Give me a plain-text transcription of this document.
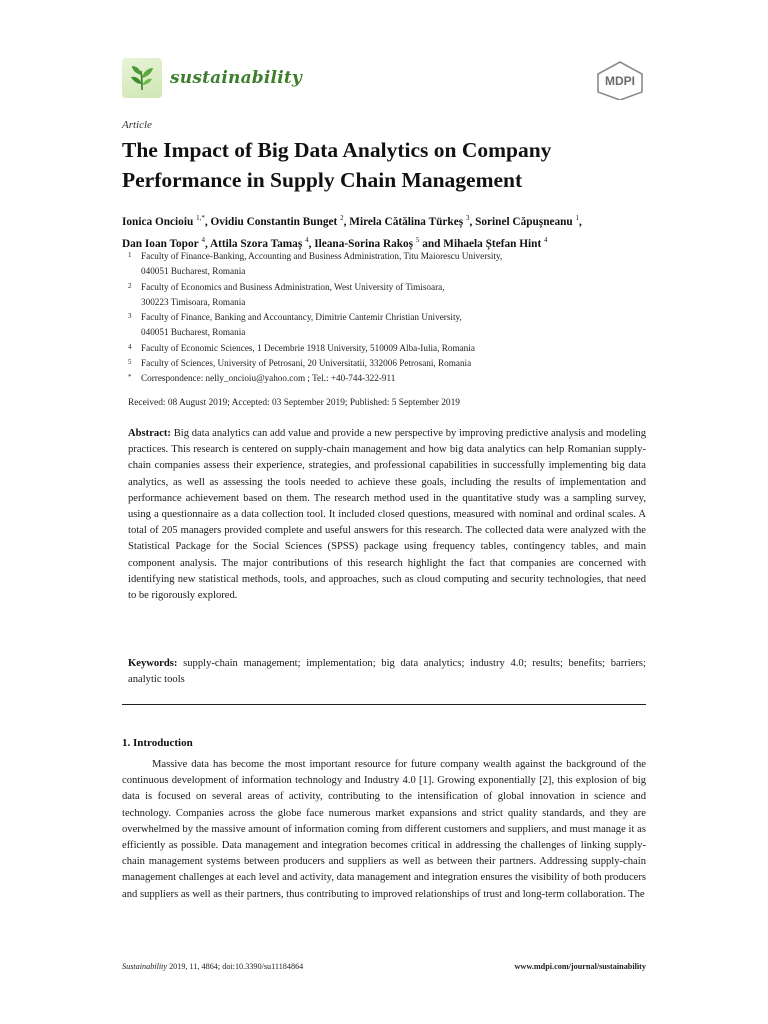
sustainability	MDPI
Article
The Impact of Big Data Analytics on Company
Performance in Supply Chain Management
Ionica Oncioiu $^{1,*}$, Ovidiu Constantin Bunget $^2$, Mirela Cătălina Türkeș $^3$, Sorinel Căpușneanu $^1$,
Dan Ioan Topor $^4$, Attila Szora Tamaș $^4$, Ileana-Sorina Rakoș $^5$ and Mihaela Ștefan Hint $^4$
1 Faculty of Finance-Banking, Accounting and Business Administration, Titu Maiorescu University,
040051 Bucharest, Romania
2 Faculty of Economics and Business Administration, West University of Timisoara,
300223 Timisoara, Romania
3 Faculty of Finance, Banking and Accountancy, Dimitrie Cantemir Christian University,
040051 Bucharest, Romania
4 Faculty of Economic Sciences, 1 Decembrie 1918 University, 510009 Alba-Iulia, Romania
5 Faculty of Sciences, University of Petrosani, 20 Universitatii, 332006 Petrosani, Romania
* Correspondence: nelly_oncioiu@yahoo.com ; Tel.: +40-744-322-911
Received: 08 August 2019; Accepted: 03 September 2019; Published: 5 September 2019
Abstract: Big data analytics can add value and provide a new perspective by improving predictive analysis and modeling practices. This research is centered on supply-chain management and how big data analytics can help Romanian supply-chain companies assess their experience, strategies, and professional capabilities in successfully implementing big data analytics, as well as assessing the tools needed to achieve these goals, including the results of implementation and performance achievement based on them. The research method used in the quantitative study was a sampling survey, using a questionnaire as a data collection tool. It included closed questions, measured with nominal and ordinal scales. A total of 205 managers provided complete and useful answers for this research. The collected data were analyzed with the Statistical Package for the Social Sciences (SPSS) package using frequency tables, contingency tables, and main component analysis. The major contributions of this research highlight the fact that companies are concerned with identifying new statistical methods, tools, and approaches, such as cloud computing and security technologies, that need to be rigorously explored.
Keywords: supply-chain management; implementation; big data analytics; industry 4.0; results; benefits; barriers; analytic tools
1. Introduction
Massive data has become the most important resource for future company wealth against the background of the continuous development of information technology and Industry 4.0 [1]. Growing exponentially [2], this explosion of big data is focused on several areas of activity, contributing to the intensification of global innovation in science and technology. Companies across the globe face numerous market expansions and strict quality standards, and they are overwhelmed by the massive amount of information coming from different customers and suppliers, and must manage it as efficiently as possible. Data management and integration becomes critical in addressing the challenges of linking supply-chain management systems between producers and suppliers as well as between their partners. Addressing supply-chain management challenges at each level and activity, data management and integration ensures the visibility of both producers and suppliers as well as their partners, thus contributing to improved relationships of trust and long-term collaboration. The
Sustainability 2019, 11, 4864; doi:10.3390/su11184864	www.mdpi.com/journal/sustainability
